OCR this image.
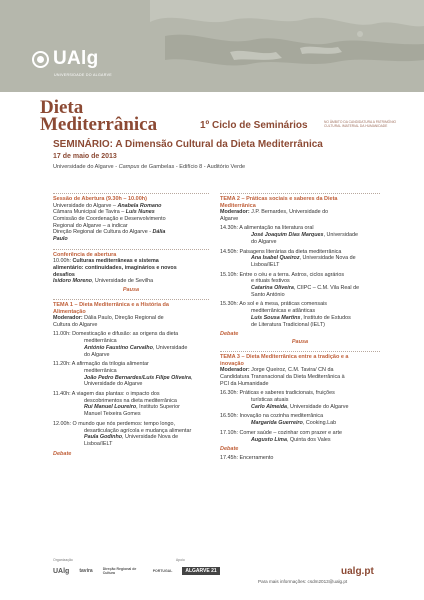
UAlg
UNIVERSIDADE DO ALGARVE
Dieta
Mediterrânica	1º Ciclo de Seminários	NO ÂMBITO DA CANDIDATURA A PATRIMÓNIO CULTURAL IMATERIAL DA HUMANIDADE
SEMINÁRIO: A Dimensão Cultural da Dieta Mediterrânica
17 de maio de 2013
Universidade do Algarve - Campus de Gambelas - Edifício 8 - Auditório Verde
Sessão de Abertura (9.30h – 10.00h)
Universidade do Algarve – Anabela Romano
Câmara Municipal de Tavira – Luís Nunes
Comissão de Coordenação e Desenvolvimento
Regional do Algarve – a indicar
Direção Regional de Cultura do Algarve - Dália
Paulo
Conferência de abertura
10.00h: Culturas mediterrâneas e sistema
alimentário: continuidades, imaginários e novos
desafios
Isidoro Moreno, Universidade de Sevilha
Pausa
TEMA 1 – Dieta Mediterrânica e a História da
Alimentação
Moderador: Dália Paulo, Direção Regional de
Cultura do Algarve
11.00h: Domesticação e difusão: as origens da dieta
mediterrânica
António Faustino Carvalho, Universidade
do Algarve
11.20h: A afirmação da trilogia alimentar
mediterrânica
João Pedro Bernardes/Luís Filipe Oliveira,
Universidade do Algarve
11.40h: A viagem das plantas: o impacto dos
descobrimentos na dieta mediterrânica
Rui Manuel Loureiro, Instituto Superior
Manuel Teixeira Gomes
12.00h: O mundo que nós perdemos: tempo longo,
desarticulação agrícola e mudança alimentar
Paula Godinho, Universidade Nova de
Lisboa/IELT
Debate
TEMA 2 – Práticas sociais e saberes da Dieta
Mediterrânica
Moderador: J.P. Bernardes, Universidade do
Algarve
14.30h: A alimentação na literatura oral
José Joaquim Dias Marques, Universidade
do Algarve
14.50h: Paisagens literárias da dieta mediterrânica
Ana Isabel Queiroz, Universidade Nova de
Lisboa/IELT
15.10h: Entre o céu e a terra. Astros, ciclos agrários
e rituais festivos
Catarina Oliveira, CIIPC – C.M. Vila Real de
Santo António
15.30h: Ao sol e à mesa, práticas comensais
mediterrânicas e atlânticas
Luís Sousa Martins, Instituto de Estudos
de Literatura Tradicional (IELT)
Debate
Pausa
TEMA 3 – Dieta Mediterrânica entre a tradição e a
inovação
Moderador: Jorge Queiroz, C.M. Tavira/ CN da
Candidatura Transnacional da Dieta Mediterrânica à
PCI da Humanidade
16.30h: Práticas e saberes tradicionais, fruições
turísticas atuais
Carlo Almeida, Universidade do Algarve
16.50h: Inovação na cozinha mediterrânica
Margarida Guerreiro, Cooking.Lab
17.10h: Comer saúde – cozinhar com prazer e arte
Augusto Lima, Quinta dos Vales
Debate
17.45h: Encerramento
Organização	Apoio
UAlg tavira	Direção Regional de Cultura	PORTUGAL	ALGARVE 21	ualg.pt
Para mais informações: csdm2013@ualg.pt
